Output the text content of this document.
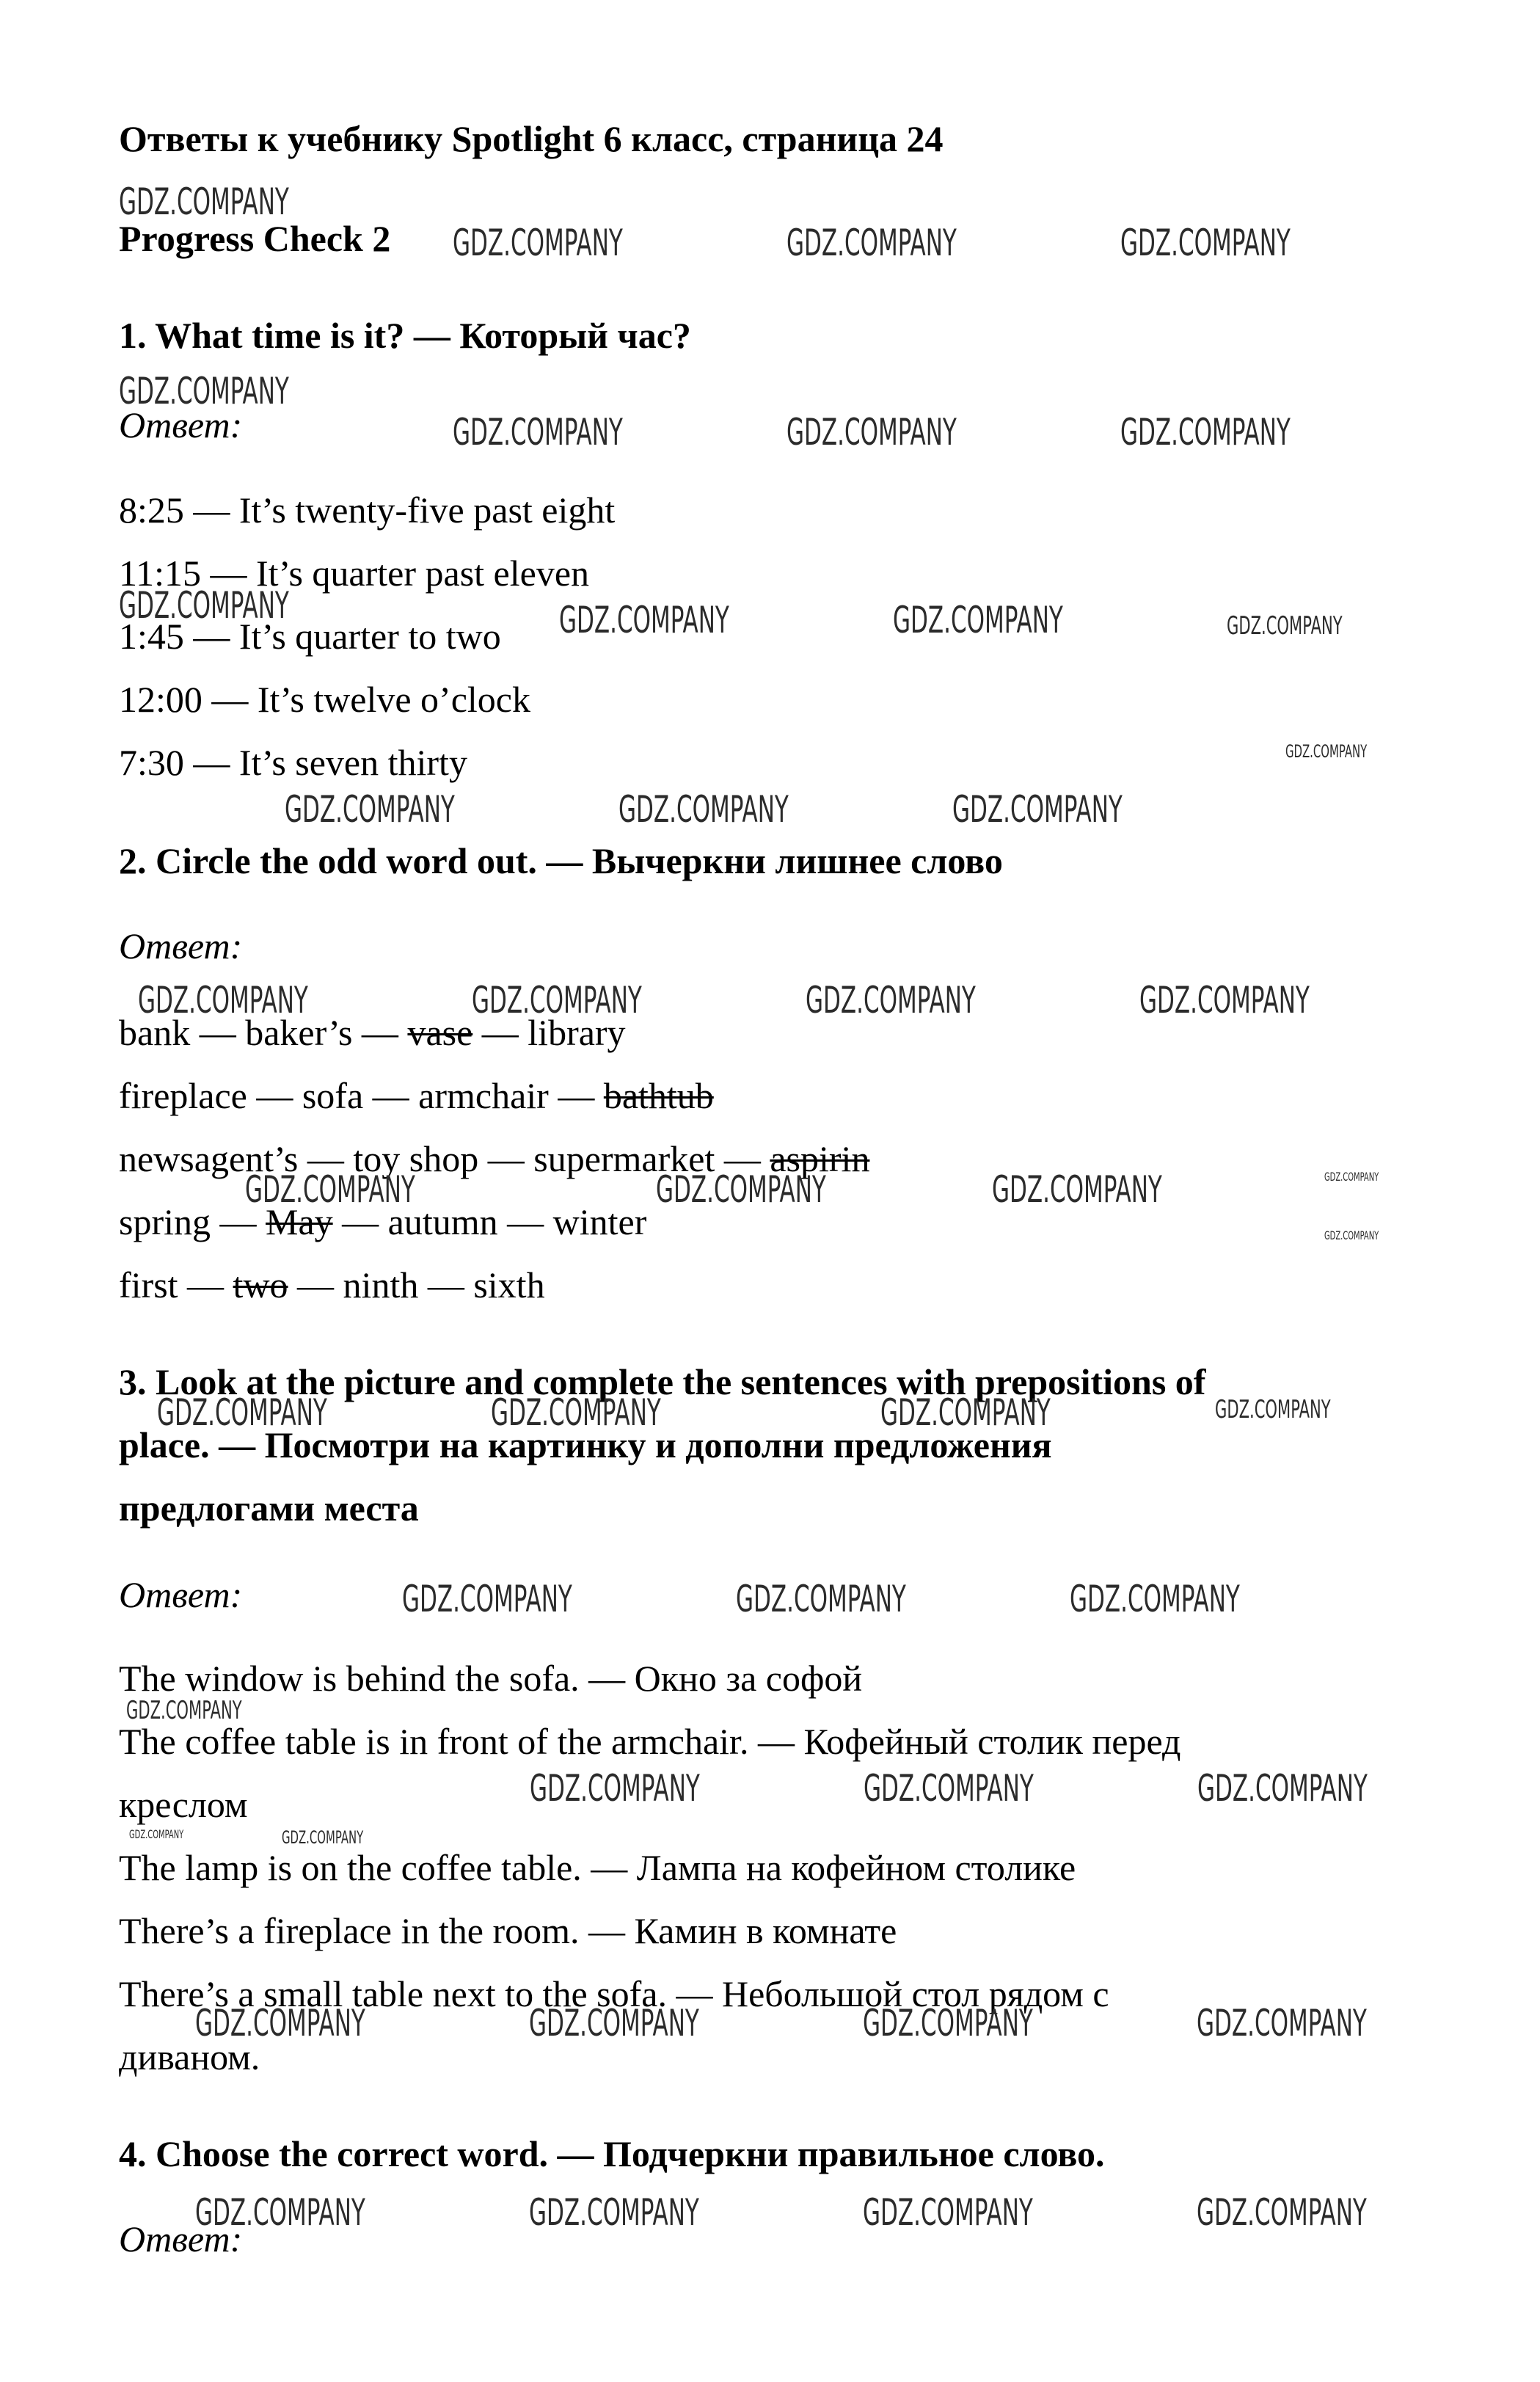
Ответы к учебнику Spotlight 6 класс, страница 24
Progress Check 2
1. What time is it? — Который час?
Ответ:
8:25 — It’s twenty-five past eight
11:15 — It’s quarter past eleven
1:45 — It’s quarter to two
12:00 — It’s twelve o’clock
7:30 — It’s seven thirty
2. Circle the odd word out. — Вычеркни лишнее слово
Ответ:
bank — baker’s — vase — library
fireplace — sofa — armchair — bathtub
newsagent’s — toy shop — supermarket — aspirin
spring — May — autumn — winter
first — two — ninth — sixth
3. Look at the picture and complete the sentences with prepositions of
place. — Посмотри на картинку и дополни предложения
предлогами места
Ответ:
The window is behind the sofa. — Окно за софой
The coffee table is in front of the armchair. — Кофейный столик перед
креслом
The lamp is on the coffee table. — Лампа на кофейном столике
There’s a fireplace in the room. — Камин в комнате
There’s a small table next to the sofa. — Небольшой стол рядом с
диваном.
4. Choose the correct word. — Подчеркни правильное слово.
Ответ:
GDZ.COMPANY
GDZ.COMPANY	GDZ.COMPANY	GDZ.COMPANY
GDZ.COMPANY
GDZ.COMPANY	GDZ.COMPANY	GDZ.COMPANY
GDZ.COMPANY	GDZ.COMPANY	GDZ.COMPANY	GDZ.COMPANY
GDZ.COMPANY
GDZ.COMPANY	GDZ.COMPANY	GDZ.COMPANY
GDZ.COMPANY	GDZ.COMPANY	GDZ.COMPANY	GDZ.COMPANY
GDZ.COMPANY	GDZ.COMPANY	GDZ.COMPANY	GDZ.COMPANY
GDZ.COMPANY
GDZ.COMPANY	GDZ.COMPANY	GDZ.COMPANY	GDZ.COMPANY
GDZ.COMPANY	GDZ.COMPANY	GDZ.COMPANY
GDZ.COMPANY
GDZ.COMPANY	GDZ.COMPANY	GDZ.COMPANY
GDZ.COMPANY	GDZ.COMPANY
GDZ.COMPANY	GDZ.COMPANY	GDZ.COMPANY	GDZ.COMPANY
GDZ.COMPANY	GDZ.COMPANY	GDZ.COMPANY	GDZ.COMPANY
